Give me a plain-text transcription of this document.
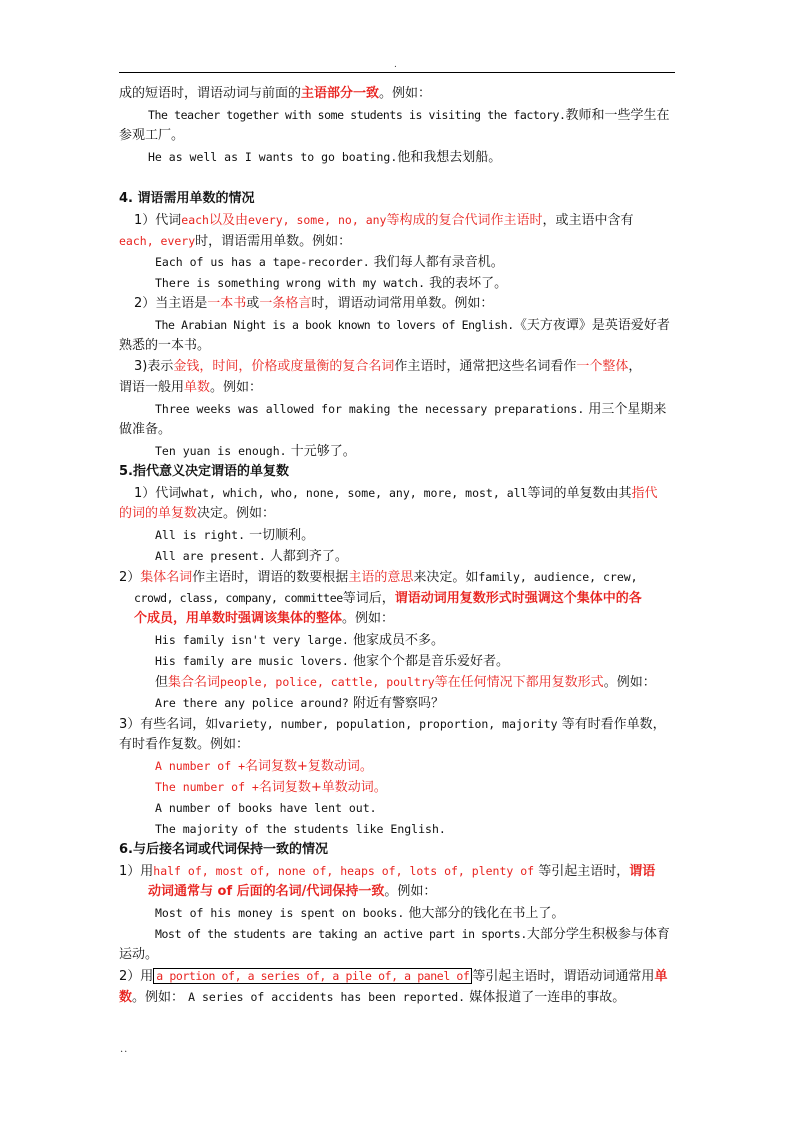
.
成的短语时，谓语动词与前面的主语部分一致。例如：
The teacher together with some students is visiting the factory.教师和一些学生在
参观工厂。
He as well as I wants to go boating.他和我想去划船。
4. 谓语需用单数的情况
1）代词each以及由every, some, no, any等构成的复合代词作主语时，或主语中含有
each, every时，谓语需用单数。例如：
Each of us has a tape-recorder. 我们每人都有录音机。
There is something wrong with my watch. 我的表坏了。
2）当主语是一本书或一条格言时，谓语动词常用单数。例如：
The Arabian Night is a book known to lovers of English.《天方夜谭》是英语爱好者
熟悉的一本书。
3)表示金钱，时间，价格或度量衡的复合名词作主语时，通常把这些名词看作一个整体，
谓语一般用单数。例如：
Three weeks was allowed for making the necessary preparations. 用三个星期来
做准备。
Ten yuan is enough. 十元够了。
5.指代意义决定谓语的单复数
1）代词what, which, who, none, some, any, more, most, all等词的单复数由其指代
的词的单复数决定。例如：
All is right. 一切顺利。
All are present. 人都到齐了。
2）集体名词作主语时，谓语的数要根据主语的意思来决定。如family, audience, crew,
crowd, class, company, committee等词后，谓语动词用复数形式时强调这个集体中的各
个成员，用单数时强调该集体的整体。例如：
His family isn't very large. 他家成员不多。
His family are music lovers. 他家个个都是音乐爱好者。
但集合名词people, police, cattle, poultry等在任何情况下都用复数形式。例如：
Are there any police around? 附近有警察吗？
3）有些名词，如variety, number, population, proportion, majority 等有时看作单数，
有时看作复数。例如：
A number of +名词复数+复数动词。
The number of +名词复数+单数动词。
A number of books have lent out.
The majority of the students like English.
6.与后接名词或代词保持一致的情况
1）用half of, most of, none of, heaps of, lots of, plenty of 等引起主语时，谓语
动词通常与 of 后面的名词/代词保持一致。例如：
Most of his money is spent on books. 他大部分的钱化在书上了。
Most of the students are taking an active part in sports.大部分学生积极参与体育
运动。
2）用 a portion of, a series of, a pile of, a panel of 等引起主语时，谓语动词通常用单
数。例如： A series of accidents has been reported. 媒体报道了一连串的事故。
..
